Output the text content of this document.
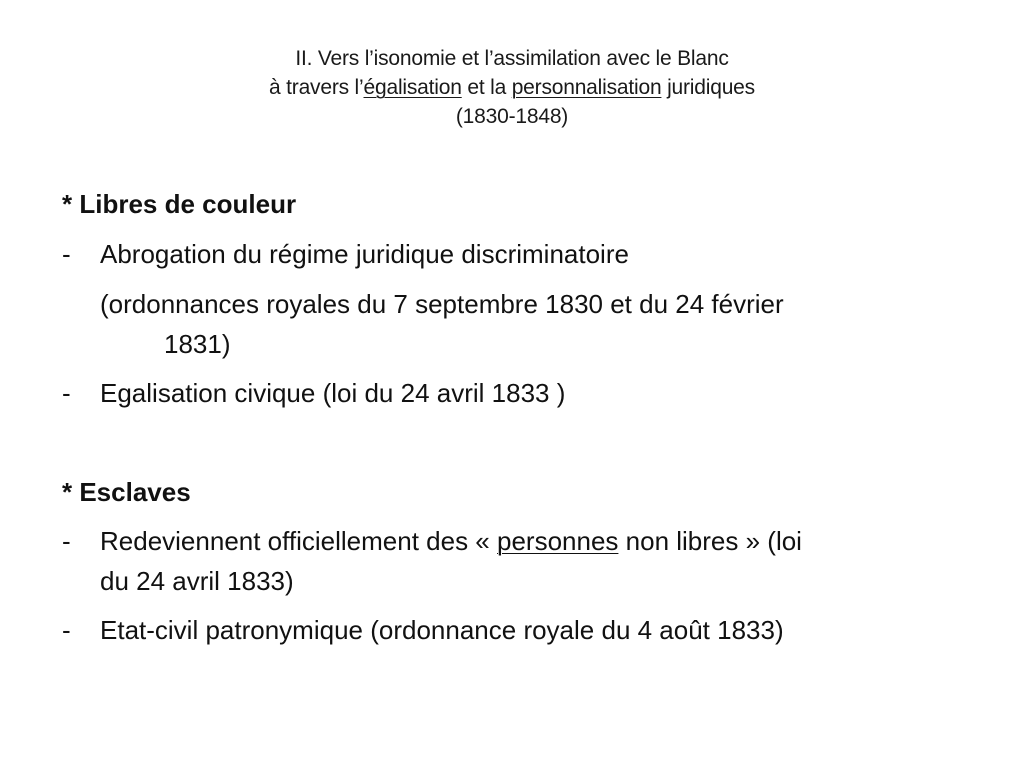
II. Vers l’isonomie et l’assimilation avec le Blanc
à travers l’égalisation et la personnalisation juridiques
(1830-1848)
* Libres de couleur
-	Abrogation du régime juridique discriminatoire
(ordonnances royales du 7 septembre 1830 et du 24 février
1831)
-	Egalisation civique (loi du 24 avril 1833 )
* Esclaves
-	Redeviennent officiellement des « personnes non libres » (loi
du 24 avril 1833)
-	Etat-civil patronymique (ordonnance royale du 4 août 1833)
